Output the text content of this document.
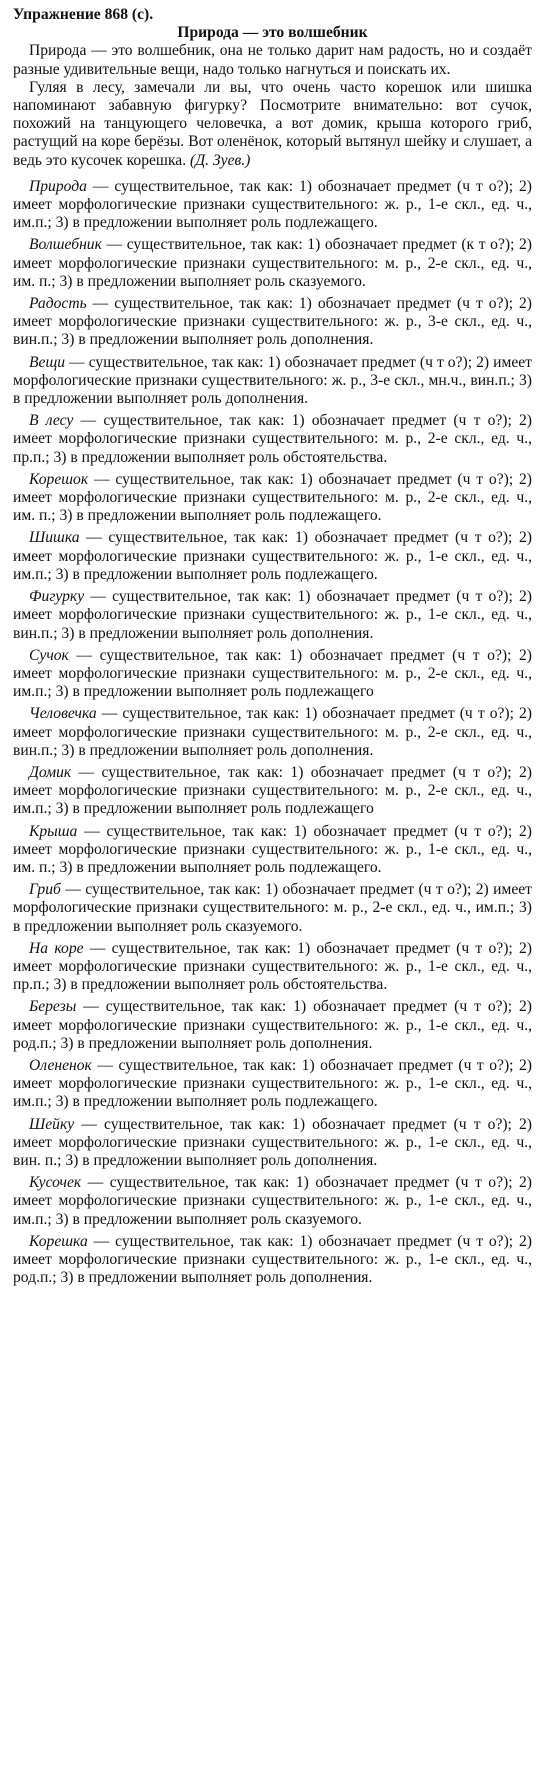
Упражнение 868 (с).
Природа — это волшебник

Природа — это волшебник, она не только дарит нам радость, но и создаёт разные удивительные вещи, надо только нагнуться и поискать их.

Гуляя в лесу, замечали ли вы, что очень часто корешок или шишка напоминают забавную фигурку? Посмотрите внимательно: вот сучок, похожий на танцующего человечка, а вот домик, крыша которого гриб, растущий на коре берёзы. Вот оленёнок, который вытянул шейку и слушает, а ведь это кусочек корешка. (Д. Зуев.)

Природа — существительное, так как: 1) обозначает предмет (ч т о?); 2) имеет морфологические признаки существительного: ж. р., 1-е скл., ед. ч., им.п.; 3) в предложении выполняет роль подлежащего.
Волшебник — существительное, так как: 1) обозначает предмет (к т о?); 2) имеет морфологические признаки существительного: м. р., 2-е скл., ед. ч., им. п.; 3) в предложении выполняет роль сказуемого.
Радость — существительное, так как: 1) обозначает предмет (ч т о?); 2) имеет морфологические признаки существительного: ж. р., 3-е скл., ед. ч., вин.п.; 3) в предложении выполняет роль дополнения.
Вещи — существительное, так как: 1) обозначает предмет (ч т о?); 2) имеет морфологические признаки существительного: ж. р., 3-е скл., мн.ч., вин.п.; 3) в предложении выполняет роль дополнения.
В лесу — существительное, так как: 1) обозначает предмет (ч т о?); 2) имеет морфологические признаки существительного: м. р., 2-е скл., ед. ч., пр.п.; 3) в предложении выполняет роль обстоятельства.
Корешок — существительное, так как: 1) обозначает предмет (ч т о?); 2) имеет морфологические признаки существительного: м. р., 2-е скл., ед. ч., им. п.; 3) в предложении выполняет роль подлежащего.
Шишка — существительное, так как: 1) обозначает предмет (ч т о?); 2) имеет морфологические признаки существительного: ж. р., 1-е скл., ед. ч., им.п.; 3) в предложении выполняет роль подлежащего.
Фигурку — существительное, так как: 1) обозначает предмет (ч т о?); 2) имеет морфологические признаки существительного: ж. р., 1-е скл., ед. ч., вин.п.; 3) в предложении выполняет роль дополнения.
Сучок — существительное, так как: 1) обозначает предмет (ч т о?); 2) имеет морфологические признаки существительного: м. р., 2-е скл., ед. ч., им.п.; 3) в предложении выполняет роль подлежащего
Человечка — существительное, так как: 1) обозначает предмет (ч т о?); 2) имеет морфологические признаки существительного: м. р., 2-е скл., ед. ч., вин.п.; 3) в предложении выполняет роль дополнения.
Домик — существительное, так как: 1) обозначает предмет (ч т о?); 2) имеет морфологические признаки существительного: м. р., 2-е скл., ед. ч., им.п.; 3) в предложении выполняет роль подлежащего
Крыша — существительное, так как: 1) обозначает предмет (ч т о?); 2) имеет морфологические признаки существительного: ж. р., 1-е скл., ед. ч., им. п.; 3) в предложении выполняет роль подлежащего.
Гриб — существительное, так как: 1) обозначает предмет (ч т о?); 2) имеет морфологические признаки существительного: м. р., 2-е скл., ед. ч., им.п.; 3) в предложении выполняет роль сказуемого.
На коре — существительное, так как: 1) обозначает предмет (ч т о?); 2) имеет морфологические признаки существительного: ж. р., 1-е скл., ед. ч., пр.п.; 3) в предложении выполняет роль обстоятельства.
Березы — существительное, так как: 1) обозначает предмет (ч т о?); 2) имеет морфологические признаки существительного: ж. р., 1-е скл., ед. ч., род.п.; 3) в предложении выполняет роль дополнения.
Олененок — существительное, так как: 1) обозначает предмет (ч т о?); 2) имеет морфологические признаки существительного: ж. р., 1-е скл., ед. ч., им.п.; 3) в предложении выполняет роль подлежащего.
Шейку — существительное, так как: 1) обозначает предмет (ч т о?); 2) имеет морфологические признаки существительного: ж. р., 1-е скл., ед. ч., вин. п.; 3) в предложении выполняет роль дополнения.
Кусочек — существительное, так как: 1) обозначает предмет (ч т о?); 2) имеет морфологические признаки существительного: ж. р., 1-е скл., ед. ч., им.п.; 3) в предложении выполняет роль сказуемого.
Корешка — существительное, так как: 1) обозначает предмет (ч т о?); 2) имеет морфологические признаки существительного: ж. р., 1-е скл., ед. ч., род.п.; 3) в предложении выполняет роль дополнения.
